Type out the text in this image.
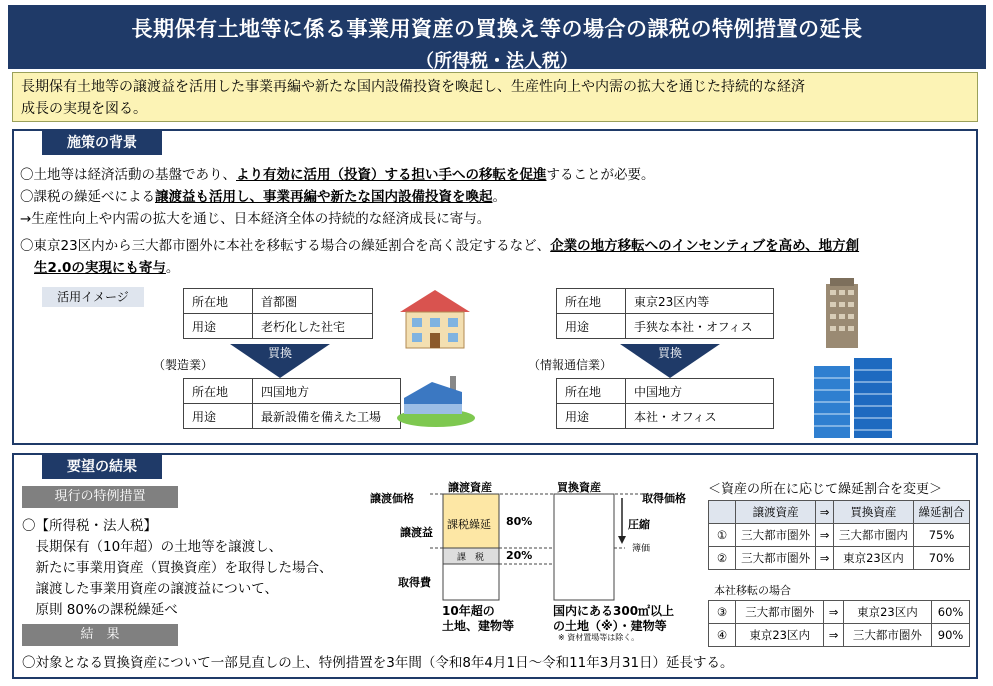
長期保有土地等に係る事業用資産の買換え等の場合の課税の特例措置の延長
（所得税・法人税）
長期保有土地等の譲渡益を活用した事業再編や新たな国内設備投資を喚起し、生産性向上や内需の拡大を通じた持続的な経済
成長の実現を図る。
施策の背景
〇土地等は経済活動の基盤であり、より有効に活用（投資）する担い手への移転を促進することが必要。
〇課税の繰延べによる譲渡益も活用し、事業再編や新たな国内設備投資を喚起。
→生産性向上や内需の拡大を通じ、日本経済全体の持続的な経済成長に寄与。
〇東京23区内から三大都市圏外に本社を移転する場合の繰延割合を高く設定するなど、企業の地方移転へのインセンティブを高め、地方創
生2.0の実現にも寄与。
活用イメージ	所在地	首都圏
用途	老朽化した社宅
（製造業）
買換
所在地	四国地方
用途	最新設備を備えた工場
所在地	東京23区内等
用途	手狭な本社・オフィス
（情報通信業）
買換
所在地	中国地方
用途	本社・オフィス
要望の結果
現行の特例措置
〇【所得税・法人税】
　長期保有（10年超）の土地等を譲渡し、
　新たに事業用資産（買換資産）を取得した場合、
　譲渡した事業用資産の譲渡益について、
　原則 80%の課税繰延べ
結　果
〇対象となる買換資産について一部見直しの上、特例措置を3年間（令和8年4月1日～令和11年3月31日）延長する。
譲渡資産	買換資産
譲渡価格	取得価格
譲渡益
課税繰延 80%
課　税 20%
圧縮
簿価
取得費
10年超の
土地、建物等
国内にある300㎡以上
の土地（※）・建物等
※ 資材置場等は除く。
＜資産の所在に応じて繰延割合を変更＞
	譲渡資産	⇒	買換資産	繰延割合
①	三大都市圏外	⇒	三大都市圏内	75%
②	三大都市圏外	⇒	東京23区内	70%
本社移転の場合
③	三大都市圏外	⇒	東京23区内	60%
④	東京23区内	⇒	三大都市圏外	90%
